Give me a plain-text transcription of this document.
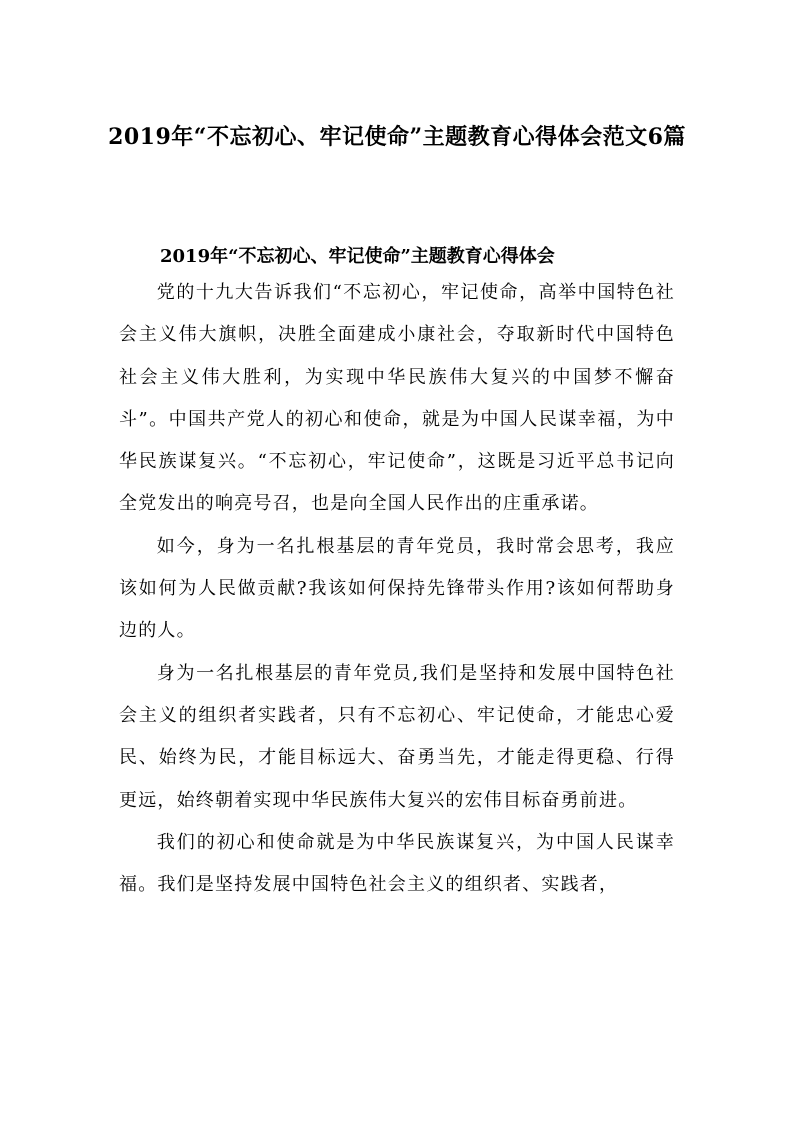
2019年“不忘初心、牢记使命”主题教育心得体会范文6篇
2019年“不忘初心、牢记使命”主题教育心得体会

党的十九大告诉我们“不忘初心，牢记使命，高举中国特色社会主义伟大旗帜，决胜全面建成小康社会，夺取新时代中国特色社会主义伟大胜利，为实现中华民族伟大复兴的中国梦不懈奋斗”。中国共产党人的初心和使命，就是为中国人民谋幸福，为中华民族谋复兴。“不忘初心，牢记使命”，这既是习近平总书记向全党发出的响亮号召，也是向全国人民作出的庄重承诺。

如今，身为一名扎根基层的青年党员，我时常会思考，我应该如何为人民做贡献?我该如何保持先锋带头作用?该如何帮助身边的人。

身为一名扎根基层的青年党员,我们是坚持和发展中国特色社会主义的组织者实践者，只有不忘初心、牢记使命，才能忠心爱民、始终为民，才能目标远大、奋勇当先，才能走得更稳、行得更远，始终朝着实现中华民族伟大复兴的宏伟目标奋勇前进。

我们的初心和使命就是为中华民族谋复兴，为中国人民谋幸福。我们是坚持发展中国特色社会主义的组织者、实践者，
